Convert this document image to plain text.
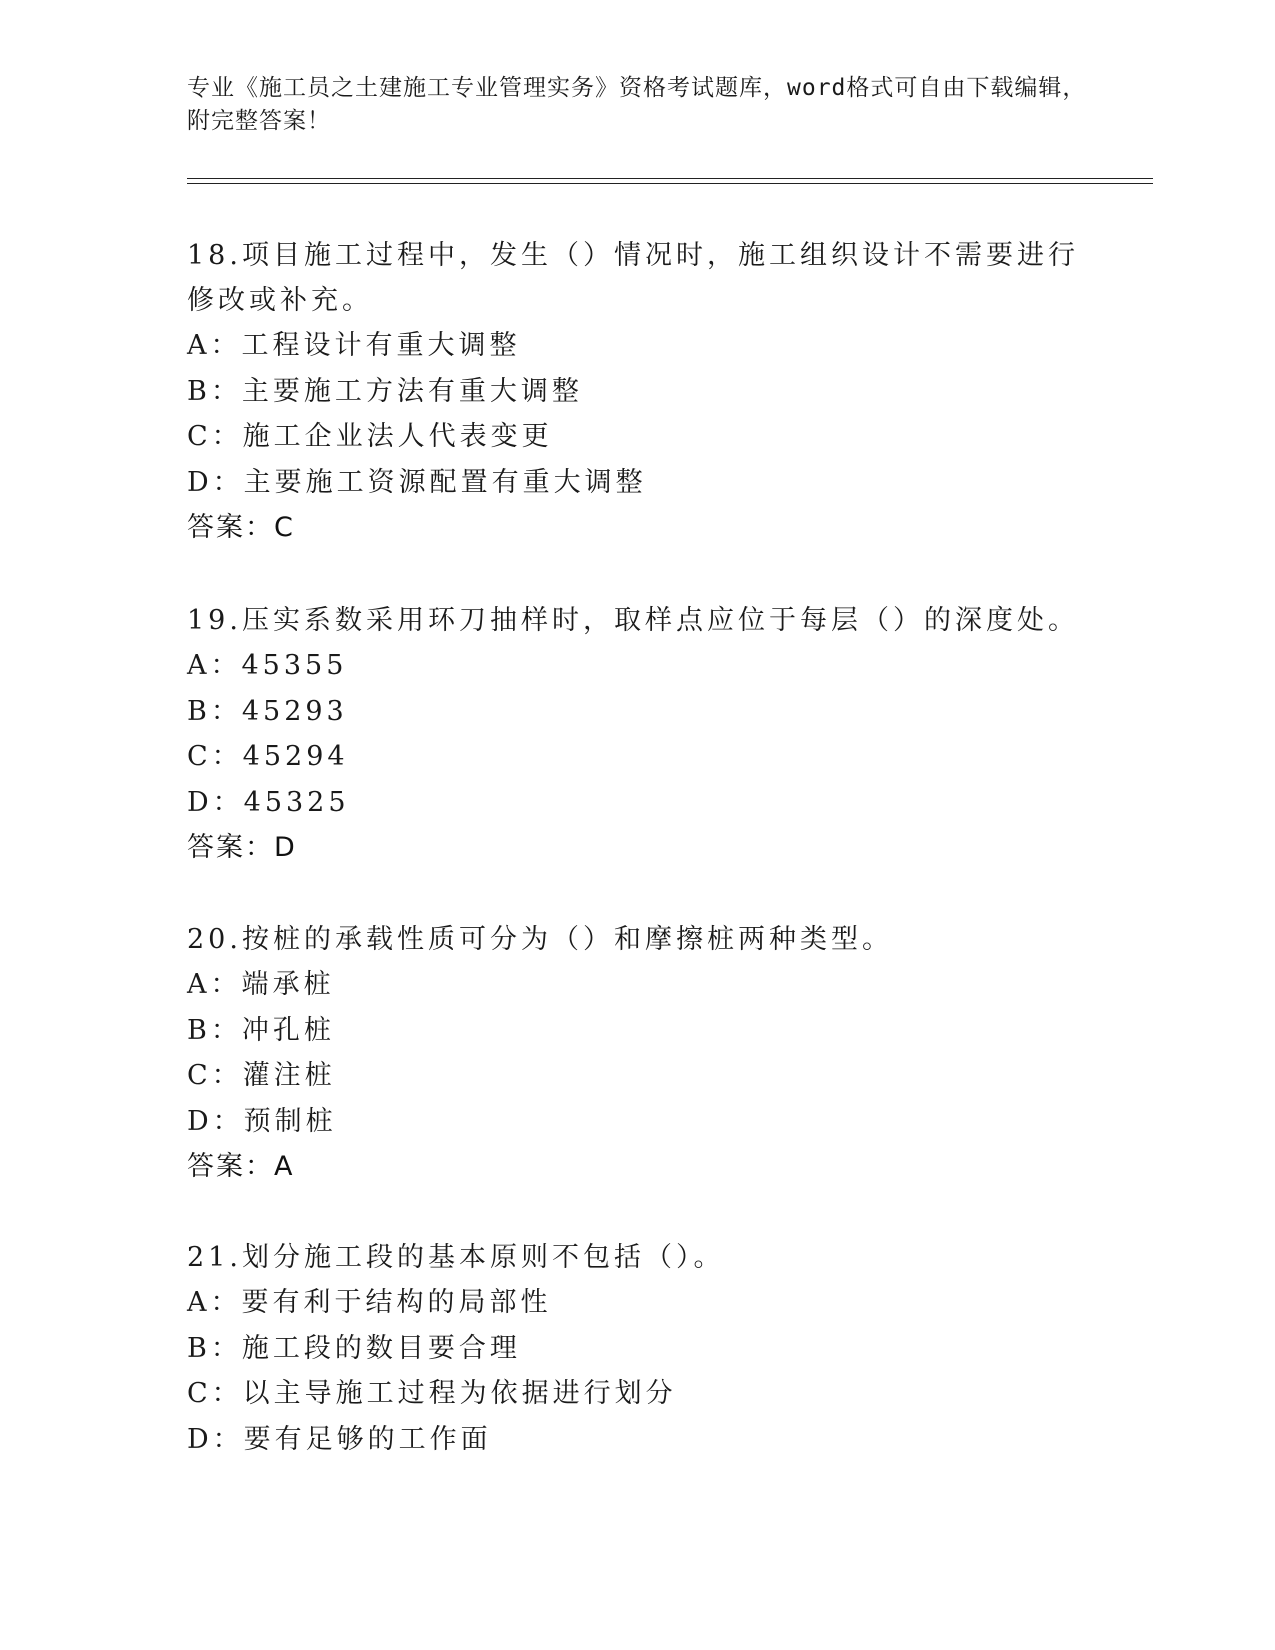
专业《施工员之土建施工专业管理实务》资格考试题库，word格式可自由下载编辑，附完整答案！
18.项目施工过程中，发生（）情况时，施工组织设计不需要进行修改或补充。
A：工程设计有重大调整
B：主要施工方法有重大调整
C：施工企业法人代表变更
D：主要施工资源配置有重大调整
答案：C
19.压实系数采用环刀抽样时，取样点应位于每层（）的深度处。
A：45355
B：45293
C：45294
D：45325
答案：D
20.按桩的承载性质可分为（）和摩擦桩两种类型。
A：端承桩
B：冲孔桩
C：灌注桩
D：预制桩
答案：A
21.划分施工段的基本原则不包括（）。
A：要有利于结构的局部性
B：施工段的数目要合理
C：以主导施工过程为依据进行划分
D：要有足够的工作面
